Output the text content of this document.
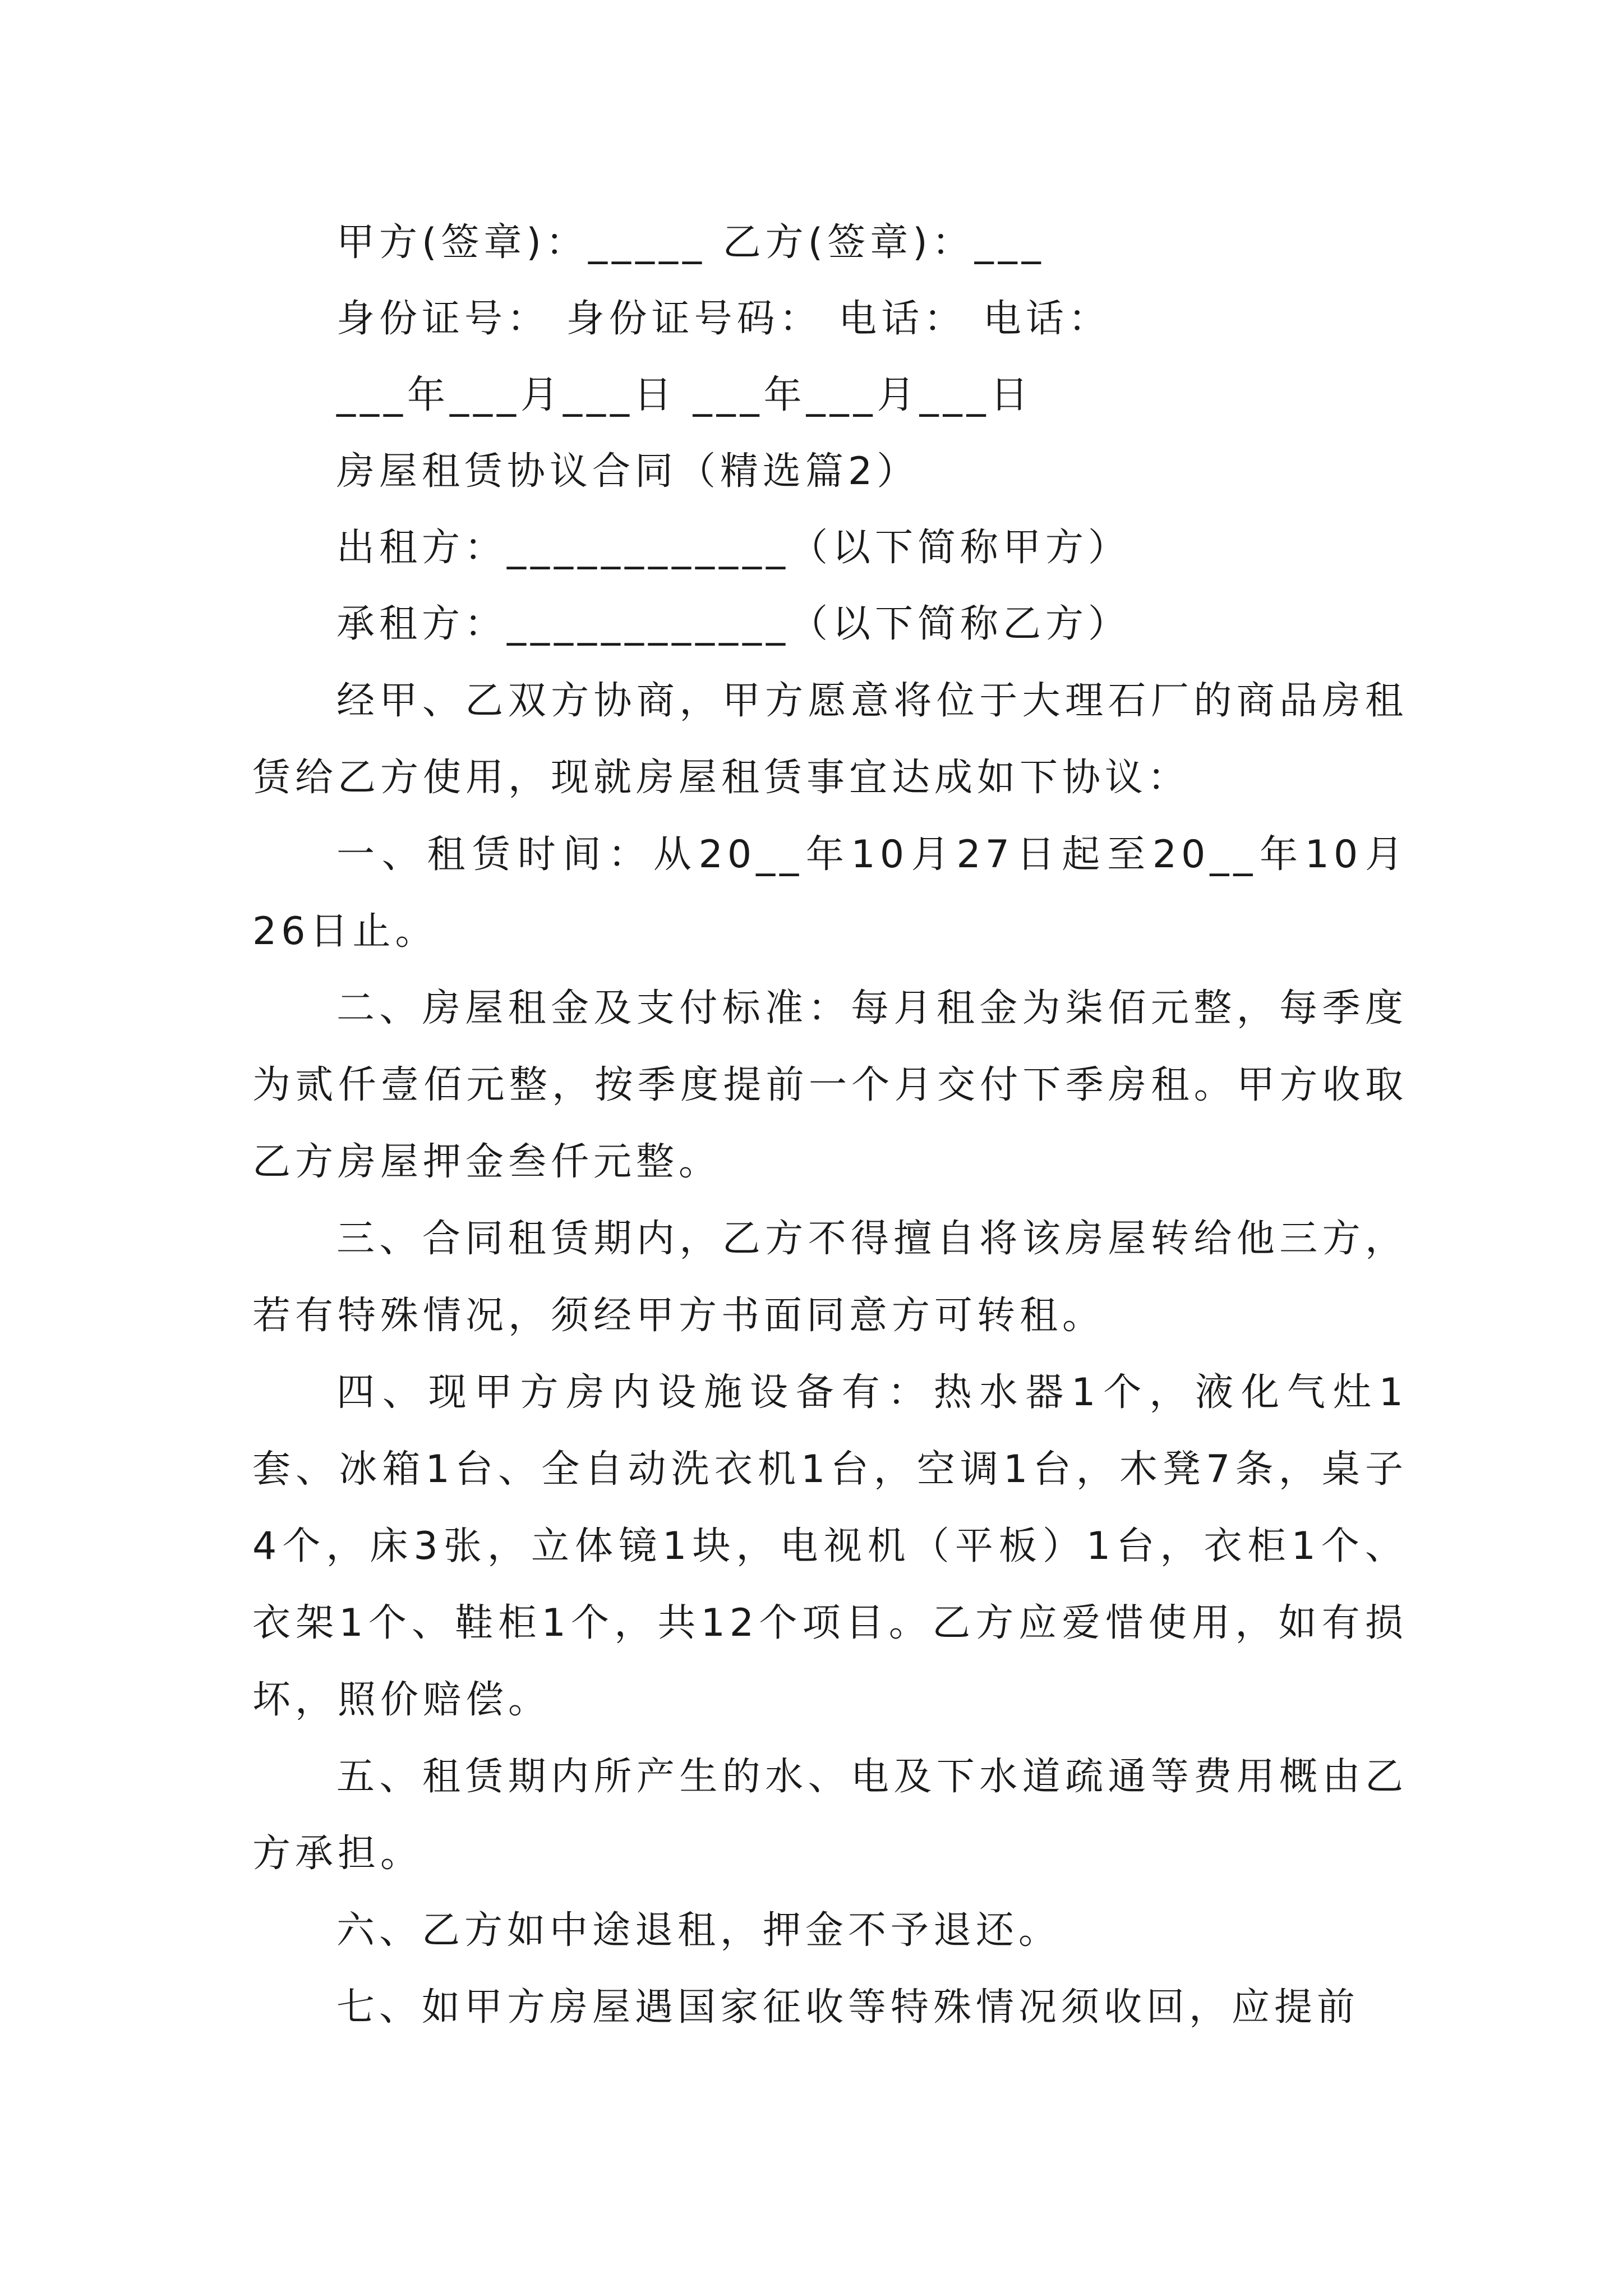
甲方(签章)：_____ 乙方(签章)：___
身份证号： 身份证号码： 电话： 电话：
___年___月___日 ___年___月___日
房屋租赁协议合同（精选篇2）
出租方：____________（以下简称甲方）
承租方：____________（以下简称乙方）

经甲、乙双方协商，甲方愿意将位于大理石厂的商品房租赁给乙方使用，现就房屋租赁事宜达成如下协议：

一、租赁时间：从20__年10月27日起至20__年10月26日止。

二、房屋租金及支付标准：每月租金为柒佰元整，每季度为贰仟壹佰元整，按季度提前一个月交付下季房租。甲方收取乙方房屋押金叁仟元整。

三、合同租赁期内，乙方不得擅自将该房屋转给他三方，若有特殊情况，须经甲方书面同意方可转租。

四、现甲方房内设施设备有：热水器1个，液化气灶1套、冰箱1台、全自动洗衣机1台，空调1台，木凳7条，桌子4个，床3张，立体镜1块，电视机（平板）1台，衣柜1个、衣架1个、鞋柜1个，共12个项目。乙方应爱惜使用，如有损坏，照价赔偿。

五、租赁期内所产生的水、电及下水道疏通等费用概由乙方承担。

六、乙方如中途退租，押金不予退还。

七、如甲方房屋遇国家征收等特殊情况须收回，应提前
